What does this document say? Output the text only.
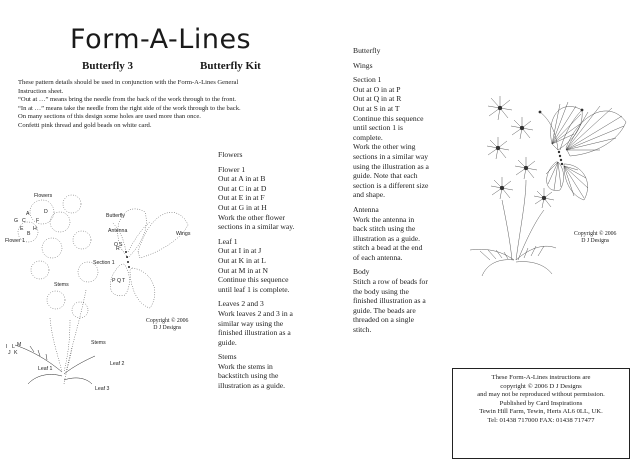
Form-A-Lines
Butterfly 3	Butterfly Kit

These pattern details should be used in conjunction with the Form-A-Lines General

Instruction sheet.

“Out at …” means bring the needle from the back of the work through to the front.

“In at …” means take the needle from the right side of the work through to the back.

On many sections of this design some holes are used more than once.

Confetti pink thread and gold beads on white card.

Flowers
Flower 1
Butterfly
Antenna	Wings
Section 1
Stems
Stems
Leaf 1
Leaf 2
Leaf 3
A	D
G C F
E H
B
O S
P Q
R
T
I L M
J K
Copyright © 2006
D J Designs

Flowers

Flower 1

Out at A in at B

Out at C in at D

Out at E in at F

Out at G in at H

Work the other flower

sections in a similar way.

Leaf 1

Out at I in at J

Out at K in at L

Out at M in at N

Continue this sequence

until leaf 1 is complete.

Leaves 2 and 3

Work leaves 2 and 3 in a

similar way using the

finished illustration as a

guide.

Stems

Work the stems in

backstitch using the

illustration as a guide.

Butterfly

Wings

Section 1

Out at O in at P

Out at Q in at R

Out at S in at T

Continue this sequence

until section 1 is

complete.

Work the other wing

sections in a similar way

using the illustration as a

guide. Note that each

section is a different size

and shape.

Antenna

Work the antenna in

back stitch using the

illustration as a guide.

stitch a bead at the end

of each antenna.

Body

Stitch a row of beads for

the body using the

finished illustration as a

guide. The beads are

threaded on a single

stitch.

Copyright © 2006
D J Designs

These Form-A-Lines instructions are

copyright © 2006 D J Designs

and may not be reproduced without permission.

Published by Card Inspirations

Tewin Hill Farm, Tewin, Herts AL6 0LL, UK.

Tel: 01438 717000 FAX: 01438 717477
